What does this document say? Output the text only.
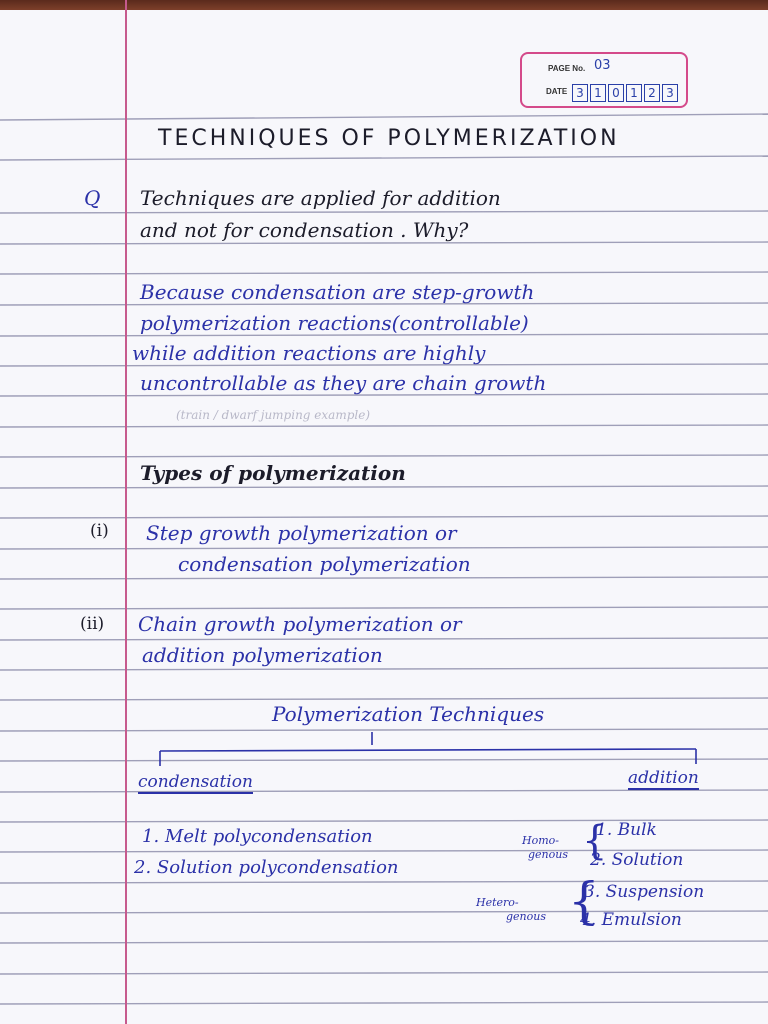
PAGE No. 03
DATE 3 1 0 1 2 3
TECHNIQUES OF POLYMERIZATION
Q Techniques are applied for addition
and not for condensation . Why?
Because condensation are step-growth
polymerization reactions(controllable)
while addition reactions are highly
uncontrollable as they are chain growth
(train / dwarf jumping example)
Types of polymerization
(i) Step growth polymerization or
condensation polymerization
(ii) Chain growth polymerization or
addition polymerization
Polymerization Techniques
condensation	addition
1. Melt polycondensation
2. Solution polycondensation
Homo-
genous {
1. Bulk
2. Solution
Hetero-
genous {
3. Suspension
4. Emulsion
